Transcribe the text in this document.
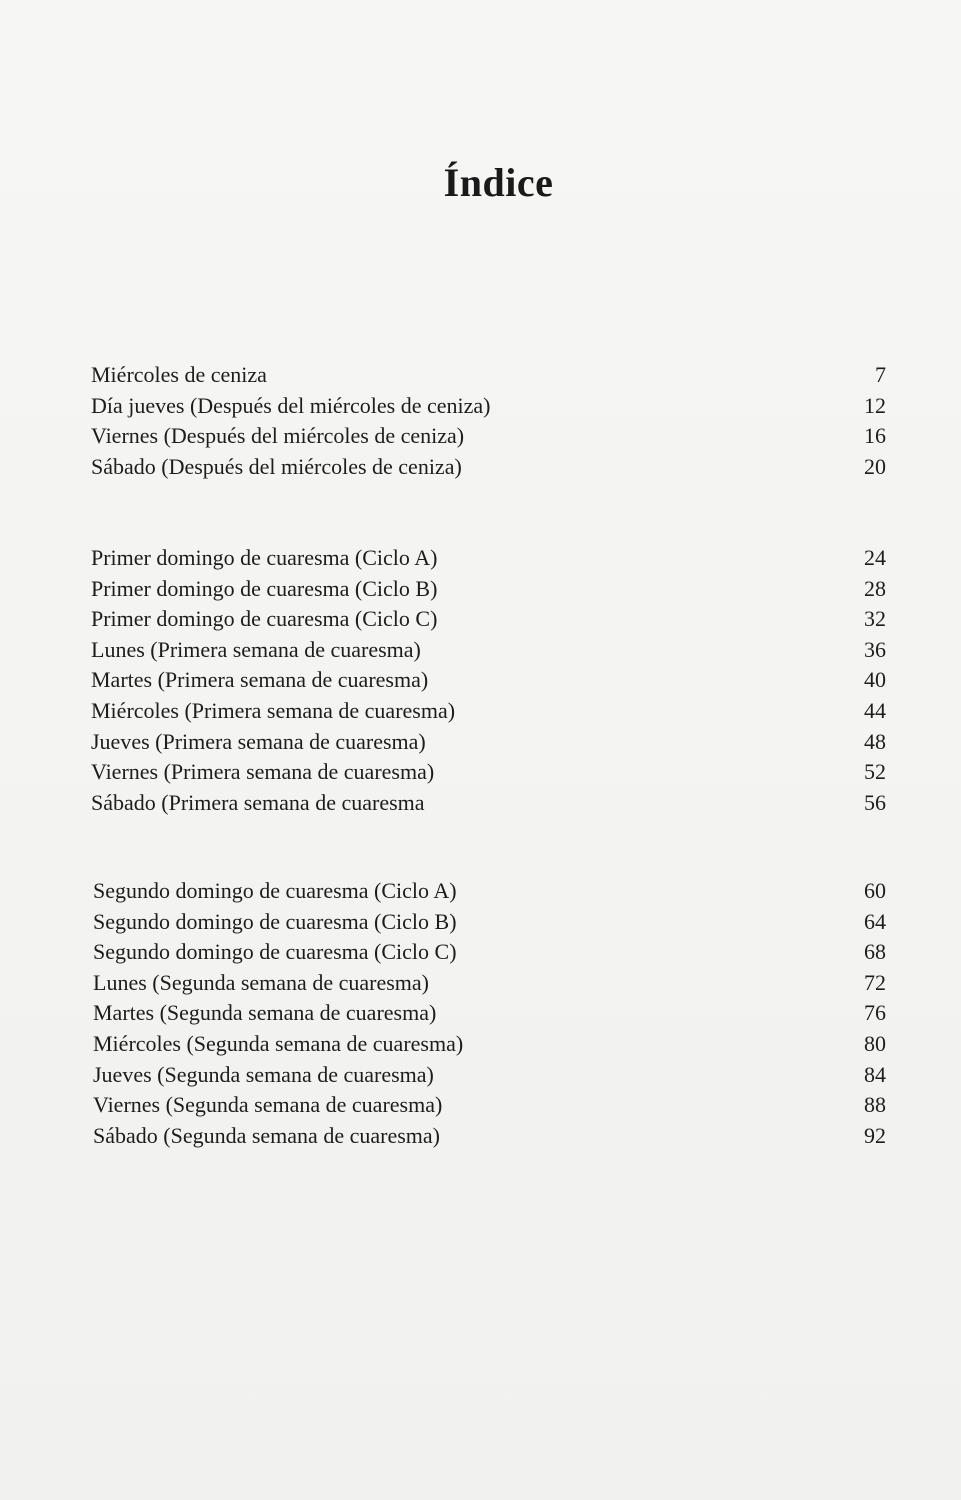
Índice
Miércoles de ceniza	7
Día jueves (Después del miércoles de ceniza)	12
Viernes (Después del miércoles de ceniza)	16
Sábado (Después del miércoles de ceniza)	20
Primer domingo de cuaresma (Ciclo A)	24
Primer domingo de cuaresma (Ciclo B)	28
Primer domingo de cuaresma (Ciclo C)	32
Lunes (Primera semana de cuaresma)	36
Martes (Primera semana de cuaresma)	40
Miércoles (Primera semana de cuaresma)	44
Jueves (Primera semana de cuaresma)	48
Viernes (Primera semana de cuaresma)	52
Sábado (Primera semana de cuaresma	56
Segundo domingo de cuaresma (Ciclo A)	60
Segundo domingo de cuaresma (Ciclo B)	64
Segundo domingo de cuaresma (Ciclo C)	68
Lunes (Segunda semana de cuaresma)	72
Martes (Segunda semana de cuaresma)	76
Miércoles (Segunda semana de cuaresma)	80
Jueves (Segunda semana de cuaresma)	84
Viernes (Segunda semana de cuaresma)	88
Sábado (Segunda semana de cuaresma)	92
